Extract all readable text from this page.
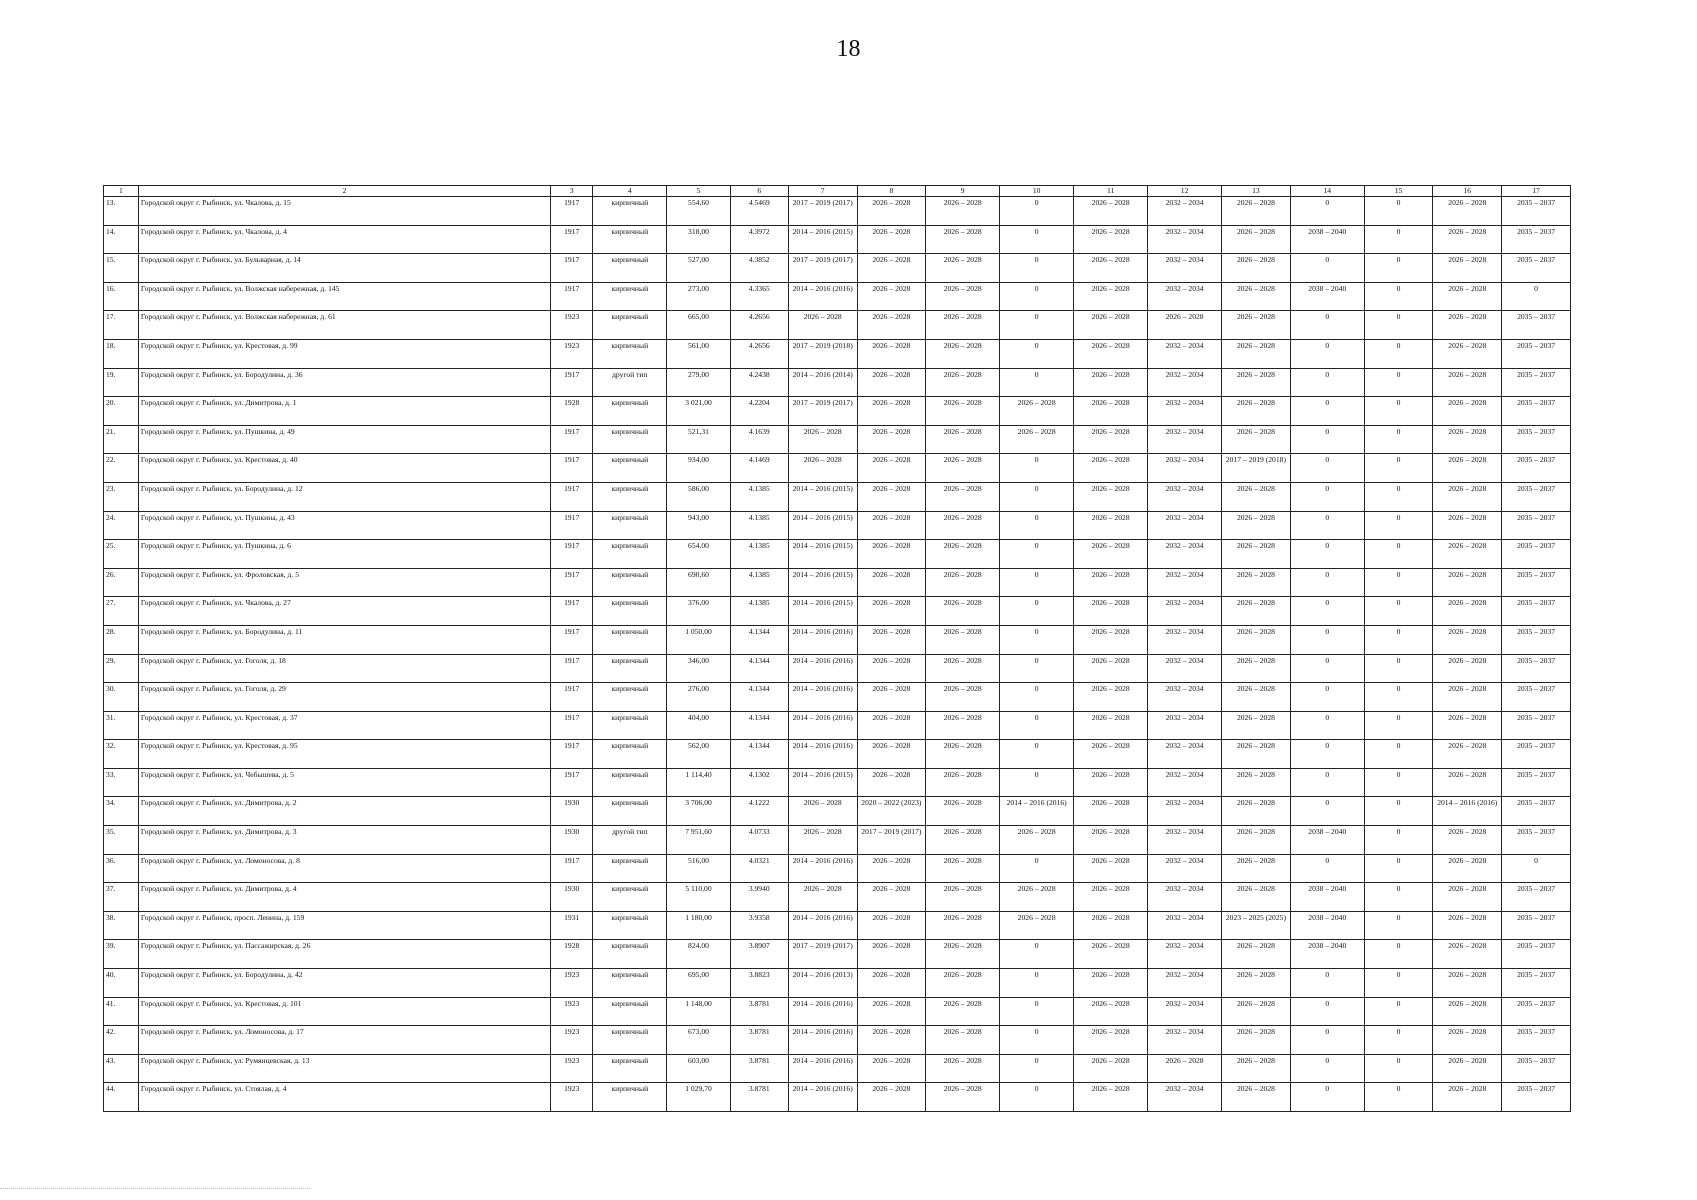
18
1	2	3	4	5	6	7	8	9	10	11	12	13	14	15	16	17
13.	Городской округ г. Рыбинск, ул. Чкалова, д. 15	1917	кирпичный	554,60	4.5469	2017 – 2019 (2017)	2026 – 2028	2026 – 2028	0	2026 – 2028	2032 – 2034	2026 – 2028	0	0	2026 – 2028	2035 – 2037
14.	Городской округ г. Рыбинск, ул. Чкалова, д. 4	1917	кирпичный	318,00	4.3972	2014 – 2016 (2015)	2026 – 2028	2026 – 2028	0	2026 – 2028	2032 – 2034	2026 – 2028	2038 – 2040	0	2026 – 2028	2035 – 2037
15.	Городской округ г. Рыбинск, ул. Бульварная, д. 14	1917	кирпичный	527,00	4.3852	2017 – 2019 (2017)	2026 – 2028	2026 – 2028	0	2026 – 2028	2032 – 2034	2026 – 2028	0	0	2026 – 2028	2035 – 2037
16.	Городской округ г. Рыбинск, ул. Волжская набережная, д. 145	1917	кирпичный	273,00	4.3365	2014 – 2016 (2016)	2026 – 2028	2026 – 2028	0	2026 – 2028	2032 – 2034	2026 – 2028	2038 – 2040	0	2026 – 2028	0
17.	Городской округ г. Рыбинск, ул. Волжская набережная, д. 61	1923	кирпичный	665,00	4.2656	2026 – 2028	2026 – 2028	2026 – 2028	0	2026 – 2028	2026 – 2028	2026 – 2028	0	0	2026 – 2028	2035 – 2037
18.	Городской округ г. Рыбинск, ул. Крестовая, д. 99	1923	кирпичный	561,00	4.2656	2017 – 2019 (2018)	2026 – 2028	2026 – 2028	0	2026 – 2028	2032 – 2034	2026 – 2028	0	0	2026 – 2028	2035 – 2037
19.	Городской округ г. Рыбинск, ул. Бородулина, д. 36	1917	другой тип	279,00	4.2438	2014 – 2016 (2014)	2026 – 2028	2026 – 2028	0	2026 – 2028	2032 – 2034	2026 – 2028	0	0	2026 – 2028	2035 – 2037
20.	Городской округ г. Рыбинск, ул. Димитрова, д. 1	1928	кирпичный	3 021,00	4.2204	2017 – 2019 (2017)	2026 – 2028	2026 – 2028	2026 – 2028	2026 – 2028	2032 – 2034	2026 – 2028	0	0	2026 – 2028	2035 – 2037
21.	Городской округ г. Рыбинск, ул. Пушкина, д. 49	1917	кирпичный	521,31	4.1639	2026 – 2028	2026 – 2028	2026 – 2028	2026 – 2028	2026 – 2028	2032 – 2034	2026 – 2028	0	0	2026 – 2028	2035 – 2037
22.	Городской округ г. Рыбинск, ул. Крестовая, д. 40	1917	кирпичный	934,00	4.1469	2026 – 2028	2026 – 2028	2026 – 2028	0	2026 – 2028	2032 – 2034	2017 – 2019 (2018)	0	0	2026 – 2028	2035 – 2037
23.	Городской округ г. Рыбинск, ул. Бородулина, д. 12	1917	кирпичный	586,00	4.1385	2014 – 2016 (2015)	2026 – 2028	2026 – 2028	0	2026 – 2028	2032 – 2034	2026 – 2028	0	0	2026 – 2028	2035 – 2037
24.	Городской округ г. Рыбинск, ул. Пушкина, д. 43	1917	кирпичный	943,00	4.1385	2014 – 2016 (2015)	2026 – 2028	2026 – 2028	0	2026 – 2028	2032 – 2034	2026 – 2028	0	0	2026 – 2028	2035 – 2037
25.	Городской округ г. Рыбинск, ул. Пушкина, д. 6	1917	кирпичный	654,00	4.1385	2014 – 2016 (2015)	2026 – 2028	2026 – 2028	0	2026 – 2028	2032 – 2034	2026 – 2028	0	0	2026 – 2028	2035 – 2037
26.	Городской округ г. Рыбинск, ул. Фроловская, д. 5	1917	кирпичный	690,60	4.1385	2014 – 2016 (2015)	2026 – 2028	2026 – 2028	0	2026 – 2028	2032 – 2034	2026 – 2028	0	0	2026 – 2028	2035 – 2037
27.	Городской округ г. Рыбинск, ул. Чкалова, д. 27	1917	кирпичный	376,00	4.1385	2014 – 2016 (2015)	2026 – 2028	2026 – 2028	0	2026 – 2028	2032 – 2034	2026 – 2028	0	0	2026 – 2028	2035 – 2037
28.	Городской округ г. Рыбинск, ул. Бородулина, д. 11	1917	кирпичный	1 050,00	4.1344	2014 – 2016 (2016)	2026 – 2028	2026 – 2028	0	2026 – 2028	2032 – 2034	2026 – 2028	0	0	2026 – 2028	2035 – 2037
29.	Городской округ г. Рыбинск, ул. Гоголя, д. 18	1917	кирпичный	346,00	4.1344	2014 – 2016 (2016)	2026 – 2028	2026 – 2028	0	2026 – 2028	2032 – 2034	2026 – 2028	0	0	2026 – 2028	2035 – 2037
30.	Городской округ г. Рыбинск, ул. Гоголя, д. 29	1917	кирпичный	276,00	4.1344	2014 – 2016 (2016)	2026 – 2028	2026 – 2028	0	2026 – 2028	2032 – 2034	2026 – 2028	0	0	2026 – 2028	2035 – 2037
31.	Городской округ г. Рыбинск, ул. Крестовая, д. 37	1917	кирпичный	404,00	4.1344	2014 – 2016 (2016)	2026 – 2028	2026 – 2028	0	2026 – 2028	2032 – 2034	2026 – 2028	0	0	2026 – 2028	2035 – 2037
32.	Городской округ г. Рыбинск, ул. Крестовая, д. 95	1917	кирпичный	562,00	4.1344	2014 – 2016 (2016)	2026 – 2028	2026 – 2028	0	2026 – 2028	2032 – 2034	2026 – 2028	0	0	2026 – 2028	2035 – 2037
33.	Городской округ г. Рыбинск, ул. Чебышева, д. 5	1917	кирпичный	1 114,40	4.1302	2014 – 2016 (2015)	2026 – 2028	2026 – 2028	0	2026 – 2028	2032 – 2034	2026 – 2028	0	0	2026 – 2028	2035 – 2037
34.	Городской округ г. Рыбинск, ул. Димитрова, д. 2	1930	кирпичный	3 706,00	4.1222	2026 – 2028	2020 – 2022 (2023)	2026 – 2028	2014 – 2016 (2016)	2026 – 2028	2032 – 2034	2026 – 2028	0	0	2014 – 2016 (2016)	2035 – 2037
35.	Городской округ г. Рыбинск, ул. Димитрова, д. 3	1930	другой тип	7 951,60	4.0733	2026 – 2028	2017 – 2019 (2017)	2026 – 2028	2026 – 2028	2026 – 2028	2032 – 2034	2026 – 2028	2038 – 2040	0	2026 – 2028	2035 – 2037
36.	Городской округ г. Рыбинск, ул. Ломоносова, д. 8	1917	кирпичный	516,00	4.0321	2014 – 2016 (2016)	2026 – 2028	2026 – 2028	0	2026 – 2028	2032 – 2034	2026 – 2028	0	0	2026 – 2028	0
37.	Городской округ г. Рыбинск, ул. Димитрова, д. 4	1930	кирпичный	5 110,00	3.9940	2026 – 2028	2026 – 2028	2026 – 2028	2026 – 2028	2026 – 2028	2032 – 2034	2026 – 2028	2038 – 2040	0	2026 – 2028	2035 – 2037
38.	Городской округ г. Рыбинск, просп. Ленина, д. 159	1931	кирпичный	1 180,00	3.9358	2014 – 2016 (2016)	2026 – 2028	2026 – 2028	2026 – 2028	2026 – 2028	2032 – 2034	2023 – 2025 (2025)	2038 – 2040	0	2026 – 2028	2035 – 2037
39.	Городской округ г. Рыбинск, ул. Пассажирская, д. 26	1928	кирпичный	824,00	3.8907	2017 – 2019 (2017)	2026 – 2028	2026 – 2028	0	2026 – 2028	2032 – 2034	2026 – 2028	2038 – 2040	0	2026 – 2028	2035 – 2037
40.	Городской округ г. Рыбинск, ул. Бородулина, д. 42	1923	кирпичный	695,00	3.8823	2014 – 2016 (2013)	2026 – 2028	2026 – 2028	0	2026 – 2028	2032 – 2034	2026 – 2028	0	0	2026 – 2028	2035 – 2037
41.	Городской округ г. Рыбинск, ул. Крестовая, д. 101	1923	кирпичный	1 148,00	3.8781	2014 – 2016 (2016)	2026 – 2028	2026 – 2028	0	2026 – 2028	2032 – 2034	2026 – 2028	0	0	2026 – 2028	2035 – 2037
42.	Городской округ г. Рыбинск, ул. Ломоносова, д. 17	1923	кирпичный	673,00	3.8781	2014 – 2016 (2016)	2026 – 2028	2026 – 2028	0	2026 – 2028	2032 – 2034	2026 – 2028	0	0	2026 – 2028	2035 – 2037
43.	Городской округ г. Рыбинск, ул. Румянцевская, д. 13	1923	кирпичный	603,00	3.8781	2014 – 2016 (2016)	2026 – 2028	2026 – 2028	0	2026 – 2028	2026 – 2028	2026 – 2028	0	0	2026 – 2028	2035 – 2037
44.	Городской округ г. Рыбинск, ул. Стоялая, д. 4	1923	кирпичный	1 029,70	3.8781	2014 – 2016 (2016)	2026 – 2028	2026 – 2028	0	2026 – 2028	2032 – 2034	2026 – 2028	0	0	2026 – 2028	2035 – 2037
